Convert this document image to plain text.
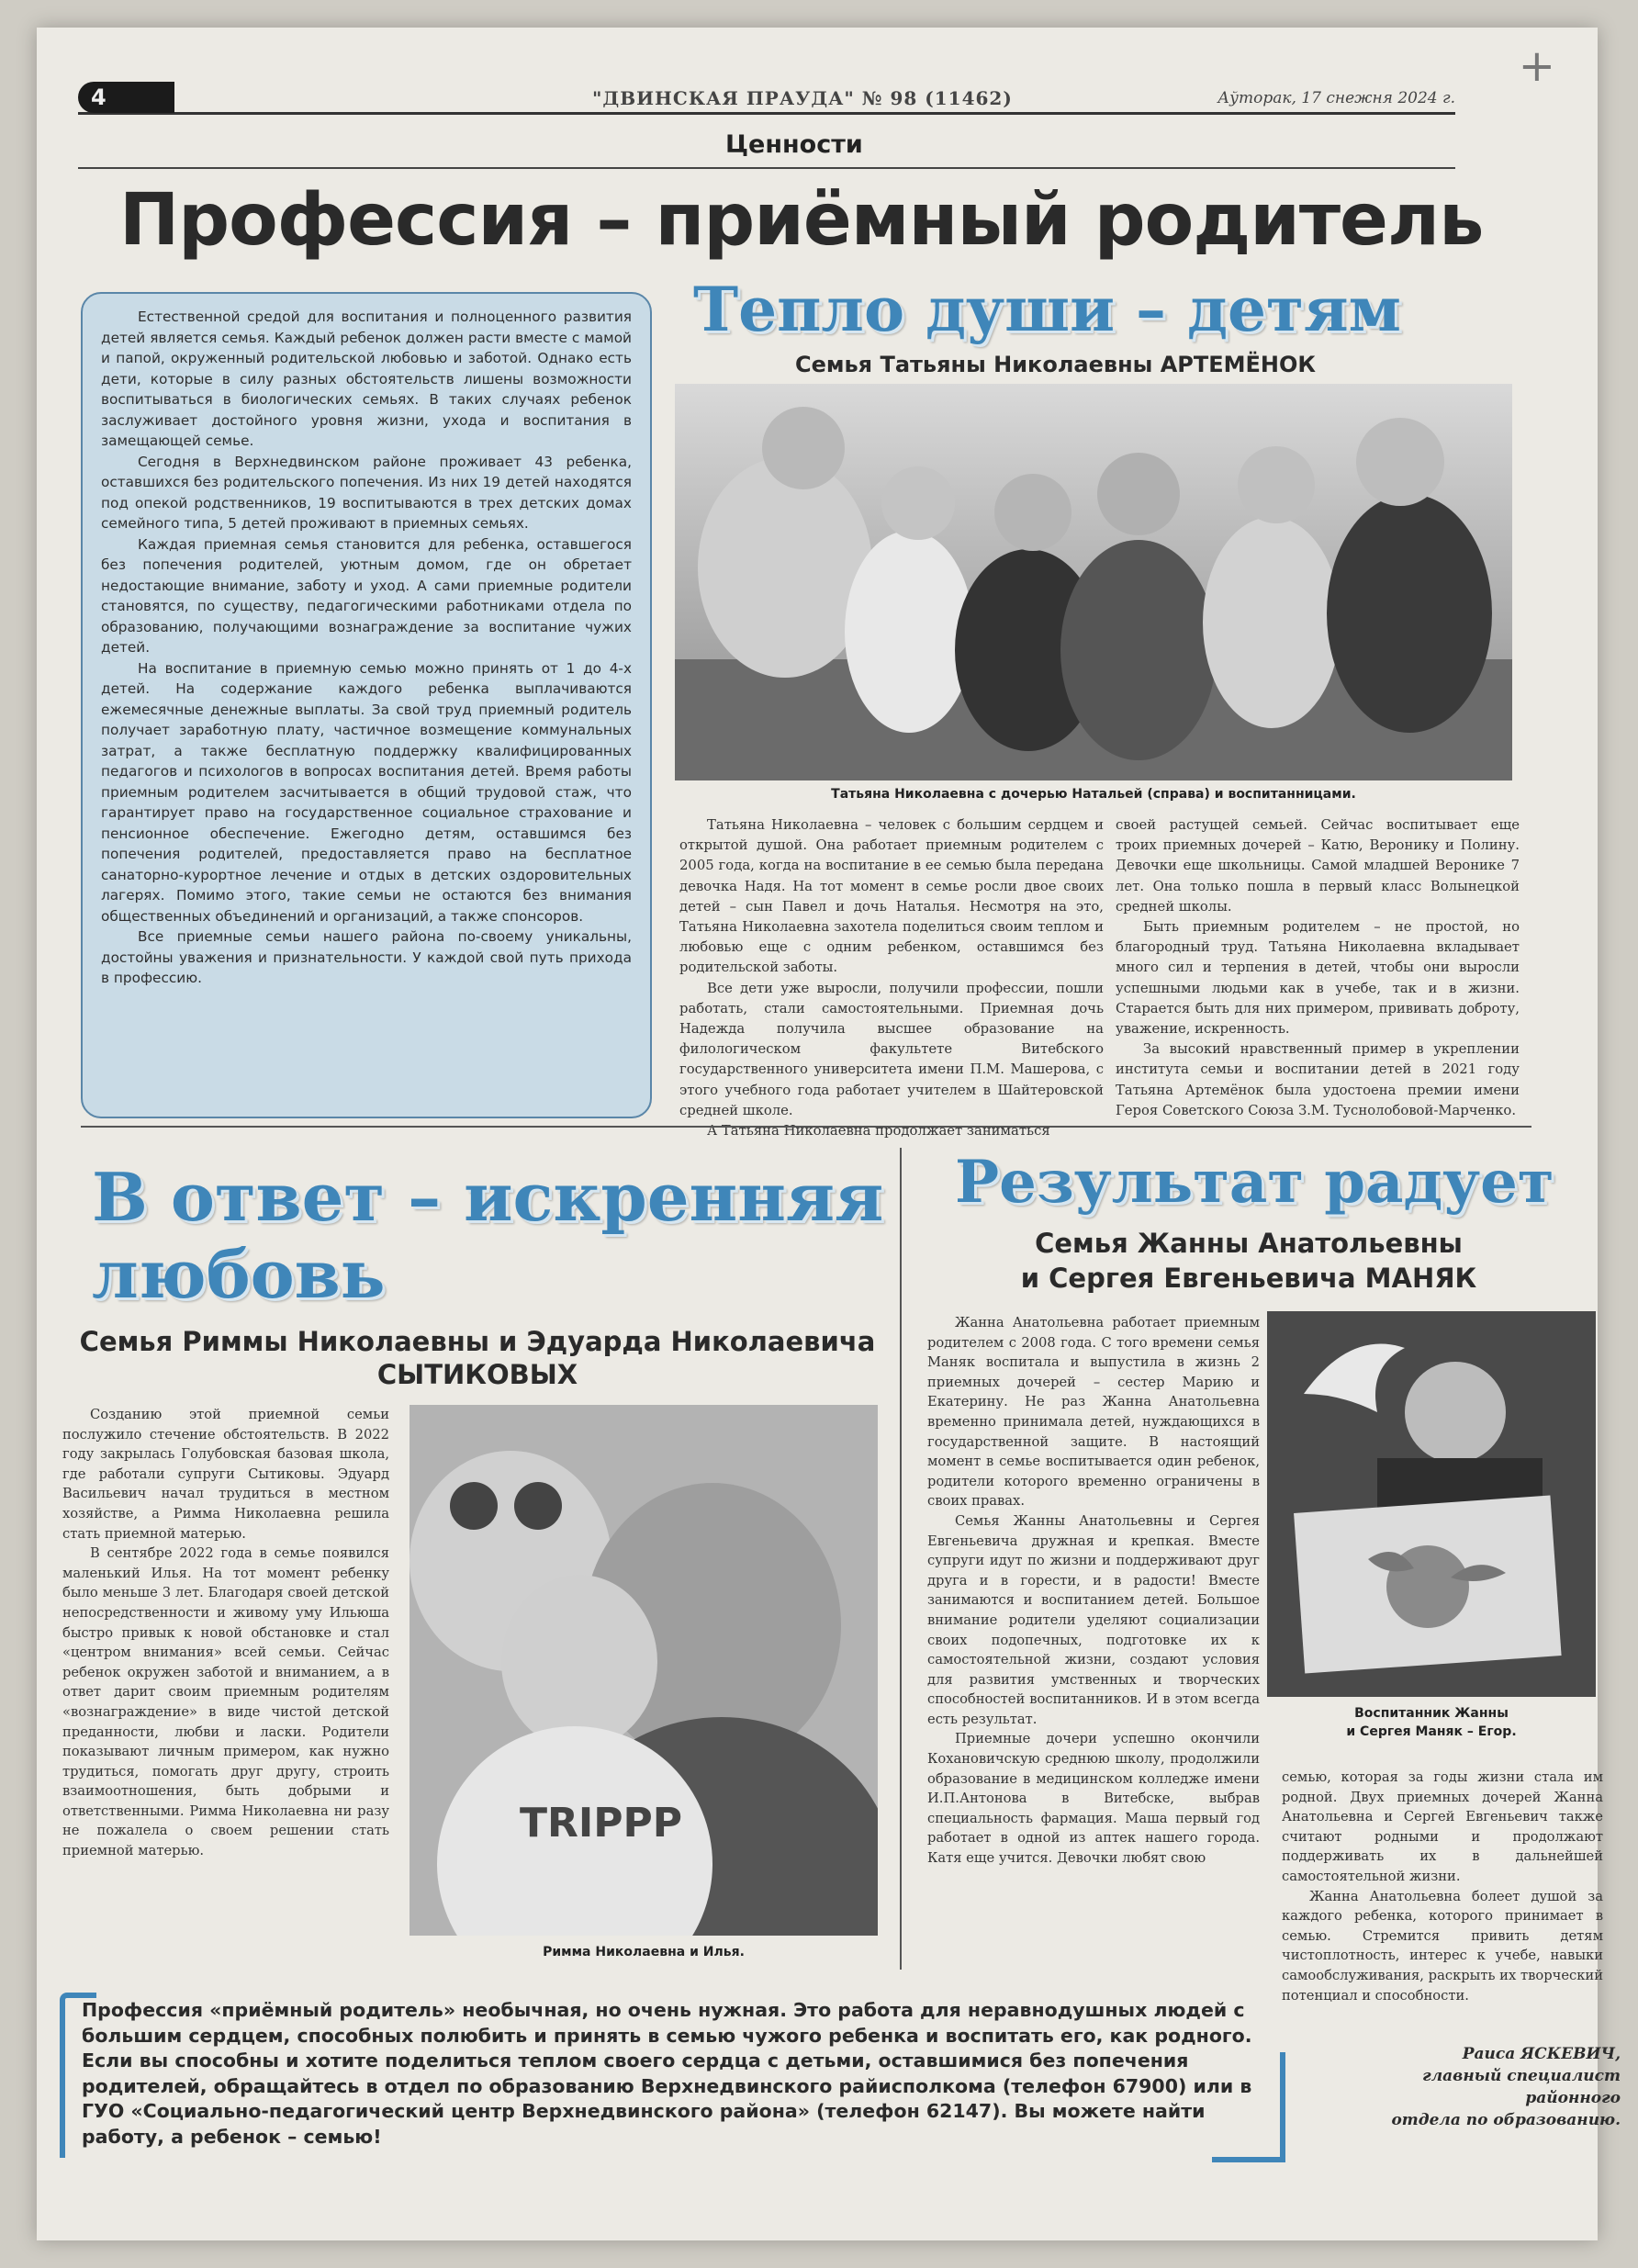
+
4	"ДВИНСКАЯ ПРАУДА" № 98 (11462)	Аўторак, 17 снежня 2024 г.
Ценности
Профессия – приёмный родитель

Естественной средой для воспитания и полноценного развития детей является семья. Каждый ребенок должен расти вместе с мамой и папой, окруженный родительской любовью и заботой. Однако есть дети, которые в силу разных обстоятельств лишены возможности воспитываться в биологических семьях. В таких случаях ребенок заслуживает достойного уровня жизни, ухода и воспитания в замещающей семье.

Сегодня в Верхнедвинском районе проживает 43 ребенка, оставшихся без родительского попечения. Из них 19 детей находятся под опекой родственников, 19 воспитываются в трех детских домах семейного типа, 5 детей проживают в приемных семьях.

Каждая приемная семья становится для ребенка, оставшегося без попечения родителей, уютным домом, где он обретает недостающие внимание, заботу и уход. А сами приемные родители становятся, по существу, педагогическими работниками отдела по образованию, получающими вознаграждение за воспитание чужих детей.

На воспитание в приемную семью можно принять от 1 до 4-х детей. На содержание каждого ребенка выплачиваются ежемесячные денежные выплаты. За свой труд приемный родитель получает заработную плату, частичное возмещение коммунальных затрат, а также бесплатную поддержку квалифицированных педагогов и психологов в вопросах воспитания детей. Время работы приемным родителем засчитывается в общий трудовой стаж, что гарантирует право на государственное социальное страхование и пенсионное обеспечение. Ежегодно детям, оставшимся без попечения родителей, предоставляется право на бесплатное санаторно-курортное лечение и отдых в детских оздоровительных лагерях. Помимо этого, такие семьи не остаются без внимания общественных объединений и организаций, а также спонсоров.

Все приемные семьи нашего района по-своему уникальны, достойны уважения и признательности. У каждой свой путь прихода в профессию.

Тепло души – детям
Семья Татьяны Николаевны АРТЕМЁНОК
Татьяна Николаевна с дочерью Натальей (справа) и воспитанницами.

Татьяна Николаевна – человек с большим сердцем и открытой душой. Она работает приемным родителем с 2005 года, когда на воспитание в ее семью была передана девочка Надя. На тот момент в семье росли двое своих детей – сын Павел и дочь Наталья. Несмотря на это, Татьяна Николаевна захотела поделиться своим теплом и любовью еще с одним ребенком, оставшимся без родительской заботы.

Все дети уже выросли, получили профессии, пошли работать, стали самостоятельными. Приемная дочь Надежда получила высшее образование на филологическом факультете Витебского государственного университета имени П.М. Машерова, с этого учебного года работает учителем в Шайтеровской средней школе.

А Татьяна Николаевна продолжает заниматься

своей растущей семьей. Сейчас воспитывает еще троих приемных дочерей – Катю, Веронику и Полину. Девочки еще школьницы. Самой младшей Веронике 7 лет. Она только пошла в первый класс Волынецкой средней школы.

Быть приемным родителем – не простой, но благородный труд. Татьяна Николаевна вкладывает много сил и терпения в детей, чтобы они выросли успешными людьми как в учебе, так и в жизни. Старается быть для них примером, прививать доброту, уважение, искренность.

За высокий нравственный пример в укреплении института семьи и воспитании детей в 2021 году Татьяна Артемёнок была удостоена премии имени Героя Советского Союза З.М. Туснолобовой-Марченко.

В ответ – искренняя
любовь
Семья Риммы Николаевны и Эдуарда Николаевича
СЫТИКОВЫХ

Созданию этой приемной семьи послужило стечение обстоятельств. В 2022 году закрылась Голубовская базовая школа, где работали супруги Сытиковы. Эдуард Васильевич начал трудиться в местном хозяйстве, а Римма Николаевна решила стать приемной матерью.

В сентябре 2022 года в семье появился маленький Илья. На тот момент ребенку было меньше 3 лет. Благодаря своей детской непосредственности и живому уму Ильюша быстро привык к новой обстановке и стал «центром внимания» всей семьи. Сейчас ребенок окружен заботой и вниманием, а в ответ дарит своим приемным родителям «вознаграждение» в виде чистой детской преданности, любви и ласки. Родители показывают личным примером, как нужно трудиться, помогать друг другу, строить взаимоотношения, быть добрыми и ответственными. Римма Николаевна ни разу не пожалела о своем решении стать приемной матерью.

TRIPPP
Римма Николаевна и Илья.
Результат радует
Семья Жанны Анатольевны
и Сергея Евгеньевича МАНЯК

Жанна Анатольевна работает приемным родителем с 2008 года. С того времени семья Маняк воспитала и выпустила в жизнь 2 приемных дочерей – сестер Марию и Екатерину. Не раз Жанна Анатольевна временно принимала детей, нуждающихся в государственной защите. В настоящий момент в семье воспитывается один ребенок, родители которого временно ограничены в своих правах.

Семья Жанны Анатольевны и Сергея Евгеньевича дружная и крепкая. Вместе супруги идут по жизни и поддерживают друг друга и в горести, и в радости! Вместе занимаются и воспитанием детей. Большое внимание родители уделяют социализации своих подопечных, подготовке их к самостоятельной жизни, создают условия для развития умственных и творческих способностей воспитанников. И в этом всегда есть результат.

Приемные дочери успешно окончили Кохановичскую среднюю школу, продолжили образование в медицинском колледже имени И.П.Антонова в Витебске, выбрав специальность фармация. Маша первый год работает в одной из аптек нашего города. Катя еще учится. Девочки любят свою

Воспитанник Жанны
и Сергея Маняк – Егор.

семью, которая за годы жизни стала им родной. Двух приемных дочерей Жанна Анатольевна и Сергей Евгеньевич также считают родными и продолжают поддерживать их в дальнейшей самостоятельной жизни.

Жанна Анатольевна болеет душой за каждого ребенка, которого принимает в семью. Стремится привить детям чистоплотность, интерес к учебе, навыки самообслуживания, раскрыть их творческий потенциал и способности.

Профессия «приёмный родитель» необычная, но очень нужная. Это работа для неравнодушных людей с большим сердцем, способных полюбить и принять в семью чужого ребенка и воспитать его, как родного. Если вы способны и хотите поделиться теплом своего сердца с детьми, оставшимися без попечения родителей, обращайтесь в отдел по образованию Верхнедвинского райисполкома (телефон 67900) или в ГУО «Социально-педагогический центр Верхнедвинского района» (телефон 62147). Вы можете найти работу, а ребенок – семью!
Раиса ЯСКЕВИЧ,
главный специалист районного
отдела по образованию.
